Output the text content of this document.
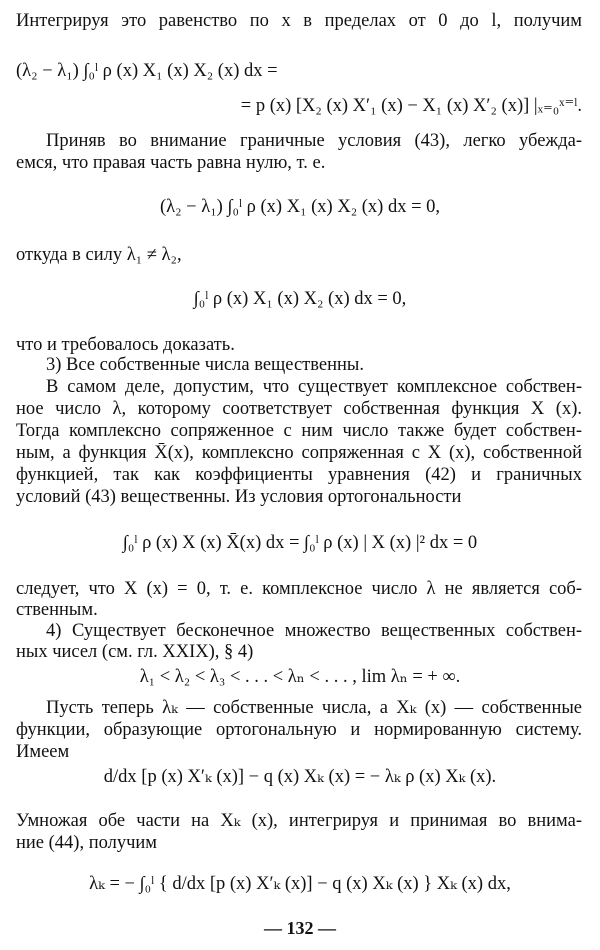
Интегрируя это равенство по x в пределах от 0 до l, получим
(λ₂ − λ₁) ∫₀ˡ ρ (x) X₁ (x) X₂ (x) dx =
= p (x) [X₂ (x) X′₁ (x) − X₁ (x) X′₂ (x)] |ₓ₌₀ˣ⁼ˡ.
Приняв во внимание граничные условия (43), легко убежда-
емся, что правая часть равна нулю, т. е.
(λ₂ − λ₁) ∫₀ˡ ρ (x) X₁ (x) X₂ (x) dx = 0,
откуда в силу λ₁ ≠ λ₂,
∫₀ˡ ρ (x) X₁ (x) X₂ (x) dx = 0,
что и требовалось доказать.
3) Все собственные числа вещественны.
В самом деле, допустим, что существует комплексное собствен-
ное число λ, которому соответствует собственная функция X (x).
Тогда комплексно сопряженное с ним число также будет собствен-
ным, а функция X̄(x), комплексно сопряженная с X (x), собственной
функцией, так как коэффициенты уравнения (42) и граничных
условий (43) вещественны. Из условия ортогональности
∫₀ˡ ρ (x) X (x) X̄(x) dx = ∫₀ˡ ρ (x) | X (x) |² dx = 0
следует, что X (x) = 0, т. е. комплексное число λ не является соб-
ственным.
4) Существует бесконечное множество вещественных собствен-
ных чисел (см. гл. XXIX), § 4)
λ₁ < λ₂ < λ₃ < . . . < λₙ < . . . , lim λₙ = + ∞.
Пусть теперь λₖ — собственные числа, а Xₖ (x) — собственные
функции, образующие ортогональную и нормированную систему.
Имеем
d/dx [p (x) X′ₖ (x)] − q (x) Xₖ (x) = − λₖ ρ (x) Xₖ (x).
Умножая обе части на Xₖ (x), интегрируя и принимая во внима-
ние (44), получим
λₖ = − ∫₀ˡ { d/dx [p (x) X′ₖ (x)] − q (x) Xₖ (x) } Xₖ (x) dx,
— 132 —
